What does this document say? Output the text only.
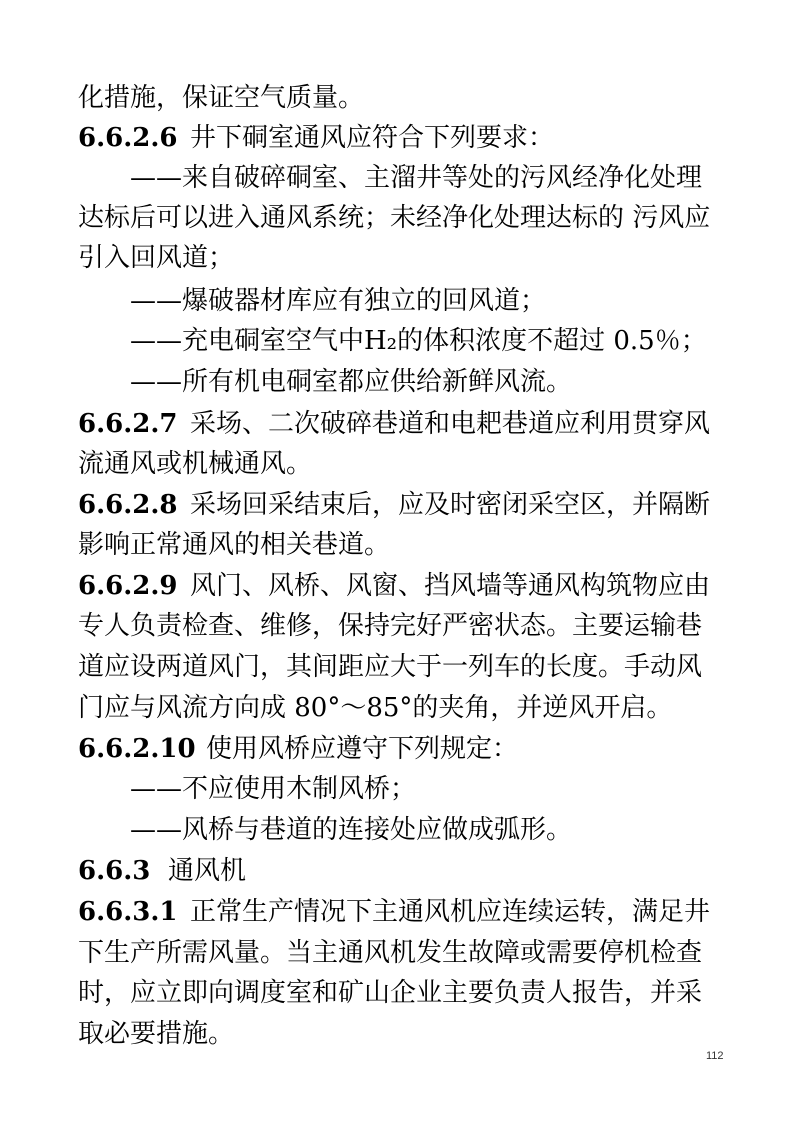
化措施，保证空气质量。
6.6.2.6 井下硐室通风应符合下列要求：
——来自破碎硐室、主溜井等处的污风经净化处理
达标后可以进入通风系统；未经净化处理达标的 污风应
引入回风道；
——爆破器材库应有独立的回风道；
——充电硐室空气中H₂的体积浓度不超过 0.5％；
——所有机电硐室都应供给新鲜风流。
6.6.2.7 采场、二次破碎巷道和电耙巷道应利用贯穿风
流通风或机械通风。
6.6.2.8 采场回采结束后，应及时密闭采空区，并隔断
影响正常通风的相关巷道。
6.6.2.9 风门、风桥、风窗、挡风墙等通风构筑物应由
专人负责检查、维修，保持完好严密状态。主要运输巷
道应设两道风门，其间距应大于一列车的长度。手动风
门应与风流方向成 80°～85°的夹角，并逆风开启。
6.6.2.10 使用风桥应遵守下列规定：
——不应使用木制风桥；
——风桥与巷道的连接处应做成弧形。
6.6.3 通风机
6.6.3.1 正常生产情况下主通风机应连续运转，满足井
下生产所需风量。当主通风机发生故障或需要停机检查
时，应立即向调度室和矿山企业主要负责人报告，并采
取必要措施。
112
